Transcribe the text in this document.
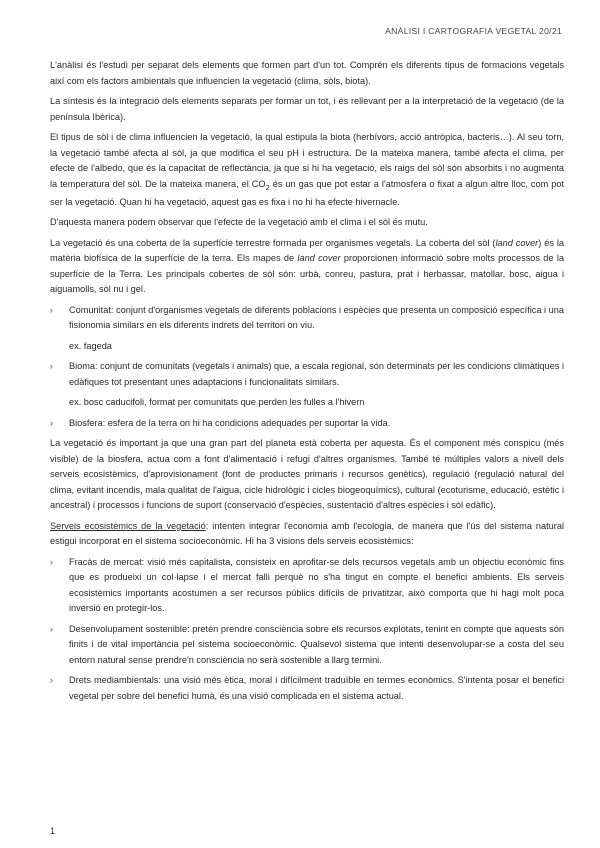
ANÀLISI I CARTOGRAFIA VEGETAL 20/21

L'anàlisi és l'estudi per separat dels elements que formen part d'un tot. Comprén els diferents tipus de formacions vegetals així com els factors ambientals que influencien la vegetació (clima, sòls, biota).

La síntesis és la integració dels elements separats per formar un tot, i és rellevant per a la interpretació de la vegetació (de la península Ibèrica).

El tipus de sòl i de clima influencien la vegetació, la qual estipula la biota (herbívors, acció antròpica, bacteris…). Al seu torn, la vegetació també afecta al sòl, ja que modifica el seu pH i estructura. De la mateixa manera, també afecta el clima, per efecte de l'albedo, que és la capacitat de reflectància, ja que si hi ha vegetació, els raigs del sòl són absorbits i no augmenta la temperatura del sòl. De la mateixa manera, el $CO_2$ és un gas que pot estar a l'atmosfera o fixat a algun altre lloc, com pot ser la vegetació. Quan hi ha vegetació, aquest gas es fixa i no hi ha efecte hivernacle.

D'aquesta manera podem observar que l'efecte de la vegetació amb el clima i el sòl és mutu.

La vegetació és una coberta de la superfície terrestre formada per organismes vegetals. La coberta del sòl (land cover) és la matèria biofísica de la superfície de la terra. Els mapes de land cover proporcionen informació sobre molts processos de la superfície de la Terra. Les principals cobertes de sòl són: urbà, conreu, pastura, prat i herbassar, matollar, bosc, aigua i aiguamolls, sòl nu i gel.

› Comunitat: conjunt d'organismes vegetals de diferents poblacions i espècies que presenta un composició específica i una fisionomia similars en els diferents indrets del territori on viu.
ex. fageda
› Bioma: conjunt de comunitats (vegetals i animals) que, a escala regional, són determinats per les condicions climàtiques i edàfiques tot presentant unes adaptacions i funcionalitats similars.
ex. bosc caducifoli, format per comunitats que perden les fulles a l'hivern
› Biosfera: esfera de la terra on hi ha condicions adequades per suportar la vida.

La vegetació és important ja que una gran part del planeta està coberta per aquesta. És el component més conspicu (més visible) de la biosfera, actua com a font d'alimentació i refugi d'altres organismes. També té múltiples valors a nivell dels serveis ecosistèmics, d'aprovisionament (font de productes primaris i recursos genètics), regulació (regulació natural del clima, evitant incendis, mala qualitat de l'aigua, cicle hidrològic i cicles biogeoquímics), cultural (ecoturisme, educació, estètic i ancestral) i processos i funcions de suport (conservació d'espècies, sustentació d'altres espècies i sòl edàfic).

Serveis ecosistèmics de la vegetació: intenten integrar l'economia amb l'ecologia, de manera que l'ús del sistema natural estigui incorporat en el sistema socioeconòmic. Hi ha 3 visions dels serveis ecosistèmics:

› Fracàs de mercat: visió més capitalista, consisteix en aprofitar-se dels recursos vegetals amb un objectiu econòmic fins que es produeixi un col·lapse i el mercat falli perquè no s'ha tingut en compte el benefici ambients. Els serveis ecosistèmics importants acostumen a ser recursos públics difícils de privatitzar, això comporta que hi hagi molt poca inversió en protegir-los.
› Desenvolupament sostenible: pretén prendre consciència sobre els recursos explotats, tenint en compte que aquests són finits i de vital importància pel sistema socioeconòmic. Qualsevol sistema que intenti desenvolupar-se a costa del seu entorn natural sense prendre'n consciència no serà sostenible a llarg termini.
› Drets mediambientals: una visió més ètica, moral i difícilment traduïble en termes econòmics. S'intenta posar el benefici vegetal per sobre del benefici humà, és una visió complicada en el sistema actual.
1
